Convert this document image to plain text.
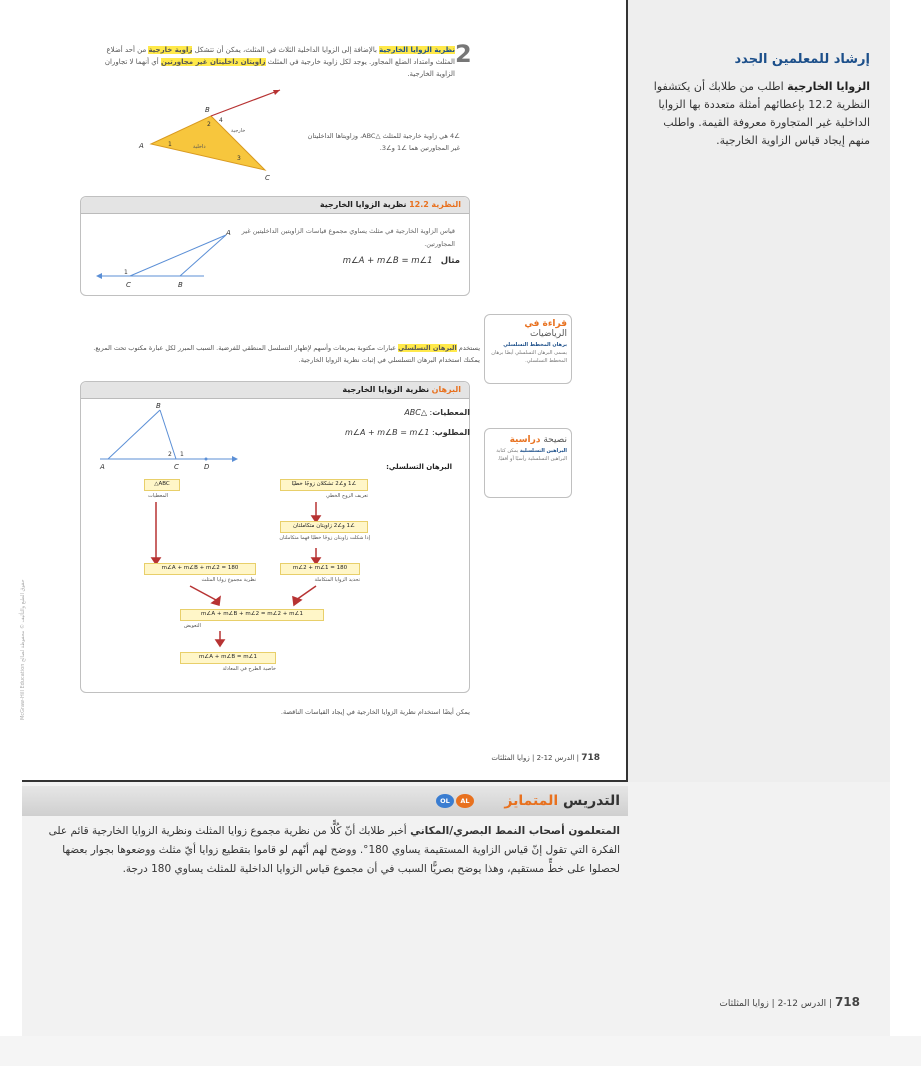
إرشاد للمعلمين الجدد
الزوايا الخارجية اطلب من طلابك أن يكتشفوا النظرية 12.2 بإعطائهم أمثلة متعددة بها الزوايا الداخلية غير المتجاورة معروفة القيمة. واطلب منهم إيجاد قياس الزاوية الخارجية.
2
نظرية الزوايا الخارجية بالإضافة إلى الزوايا الداخلية الثلاث في المثلث، يمكن أن تتشكل زاوية خارجية من أحد أضلاع المثلث وامتداد الضلع المجاور. يوجد لكل زاوية خارجية في المثلث زاويتان داخليتان غير مجاورتين أي أنهما لا تجاوران الزاوية الخارجية.
A
B
C
1
2
3
4
خارجية
داخلية
∠4 هي زاوية خارجية للمثلث △ABC، وزاويتاها الداخليتان غير المجاورتين هما ∠1 و∠3.
النظرية 12.2 نظرية الزوايا الخارجية
قياس الزاوية الخارجية في مثلث يساوي مجموع قياسات الزاويتين الداخليتين غير المجاورتين.
مثال   m∠A + m∠B = m∠1
A
B
C
1
قراءة في الرياضيات
برهان المخطط التسلسلي يسمى البرهان التسلسلي أيضًا برهان المخطط التسلسلي.
يستخدم البرهان التسلسلي عبارات مكتوبة بمربعات وأسهم لإظهار التسلسل المنطقي للفرضية. السبب المبرر لكل عبارة مكتوب تحت المربع. يمكنك استخدام البرهان التسلسلي في إثبات نظرية الزوايا الخارجية.
البرهان نظرية الزوايا الخارجية
المعطيات: △ABC
المطلوب: m∠A + m∠B = m∠1
البرهان التسلسلي:
A
B
C	D
1
2
△ABC
المعطيات
∠1 و∠2 تشكلان زوجًا خطيًا
تعريف الزوج الخطي
∠1 و∠2 زاويتان متكاملتان
إذا شكلت زاويتان زوجًا خطيًا فهما متكاملتان
m∠A + m∠B + m∠2 = 180
نظرية مجموع زوايا المثلث
m∠2 + m∠1 = 180
تحديد الزوايا المتكاملة
m∠A + m∠B + m∠2 = m∠2 + m∠1
التعويض
m∠A + m∠B = m∠1
خاصية الطرح في المعادلة
نصيحة دراسية
البراهين التسلسلية يمكن كتابة البراهين التسلسلية رأسيًا أو أفقيًا.
يمكن أيضًا استخدام نظرية الزوايا الخارجية في إيجاد القياسات الناقصة.
McGraw-Hill Education حقوق الطبع والتأليف © محفوظة لصالح
718 | الدرس 12-2 | زوايا المثلثات
التدريس المتمايز
OL	AL
المتعلمون أصحاب النمط البصري/المكاني أخبر طلابك أنّ كُلًّا من نظرية مجموع زوايا المثلث ونظرية الزوايا الخارجية قائم على الفكرة التي تقول إنّ قياس الزاوية المستقيمة يساوي 180°. ووضح لهم أنّهم لو قاموا بتقطيع زوايا أيّ مثلث ووضعوها بجوار بعضها لحصلوا على خطٍّ مستقيم، وهذا يوضح بصريًّا السبب في أن مجموع قياس الزوايا الداخلية للمثلث يساوي 180 درجة.
718 | الدرس 12-2 | زوايا المثلثات
